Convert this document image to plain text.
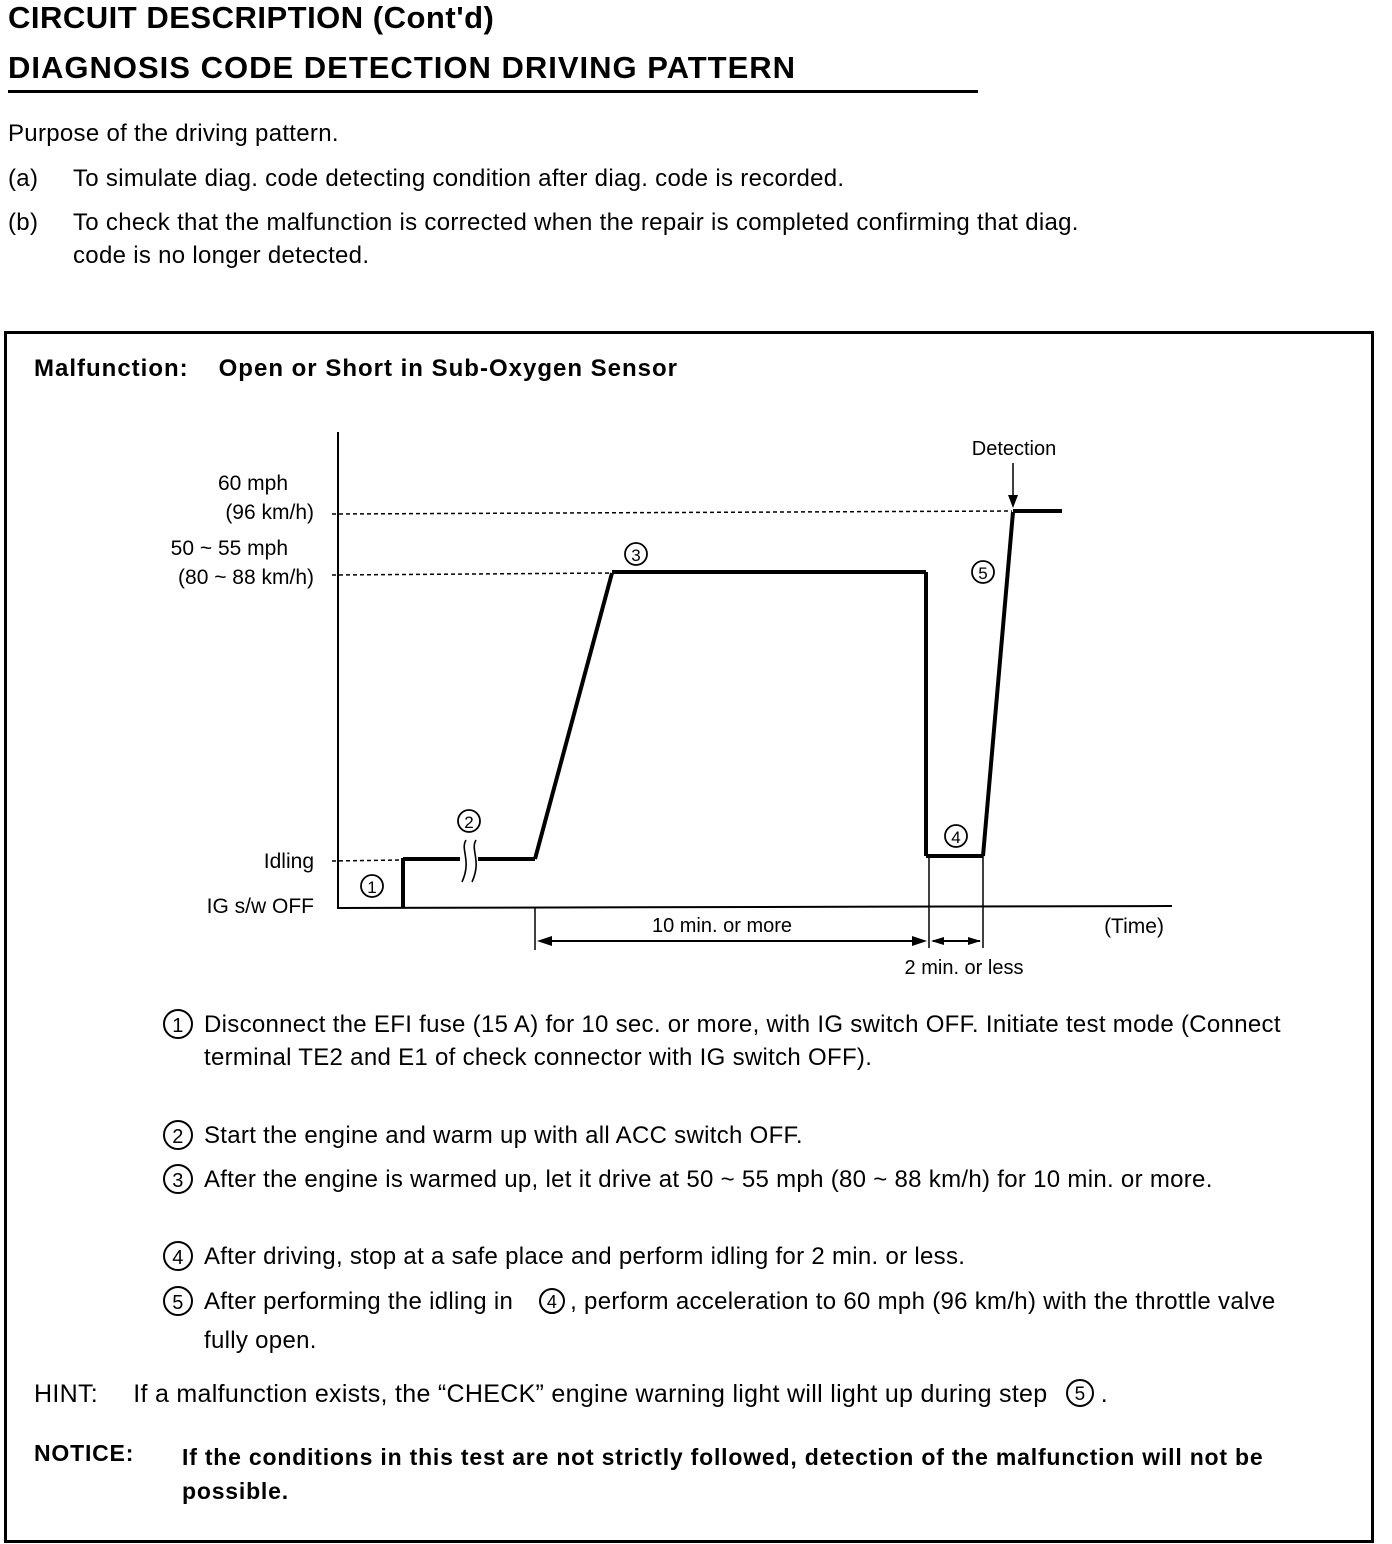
CIRCUIT DESCRIPTION (Cont'd)
DIAGNOSIS CODE DETECTION DRIVING PATTERN
Purpose of the driving pattern.
(a) To simulate diag. code detecting condition after diag. code is recorded.
(b) To check that the malfunction is corrected when the repair is completed confirming that diag.
code is no longer detected.
Malfunction: Open or Short in Sub-Oxygen Sensor
60 mph
(96 km/h)
50 ~ 55 mph
(80 ~ 88 km/h)
Idling
IG s/w OFF
10 min. or more
2 min. or less
(Time)
Detection
1
2
3
4
5
1 Disconnect the EFI fuse (15 A) for 10 sec. or more, with IG switch OFF. Initiate test mode (Connect terminal TE2 and E1 of check connector with IG switch OFF).
2 Start the engine and warm up with all ACC switch OFF.
3 After the engine is warmed up, let it drive at 50 ~ 55 mph (80 ~ 88 km/h) for 10 min. or more.
4 After driving, stop at a safe place and perform idling for 2 min. or less.
5 After performing the idling in 4 , perform acceleration to 60 mph (96 km/h) with the throttle valve fully open.
HINT: If a malfunction exists, the “CHECK” engine warning light will light up during step 5 .
NOTICE: If the conditions in this test are not strictly followed, detection of the malfunction will not be possible.
